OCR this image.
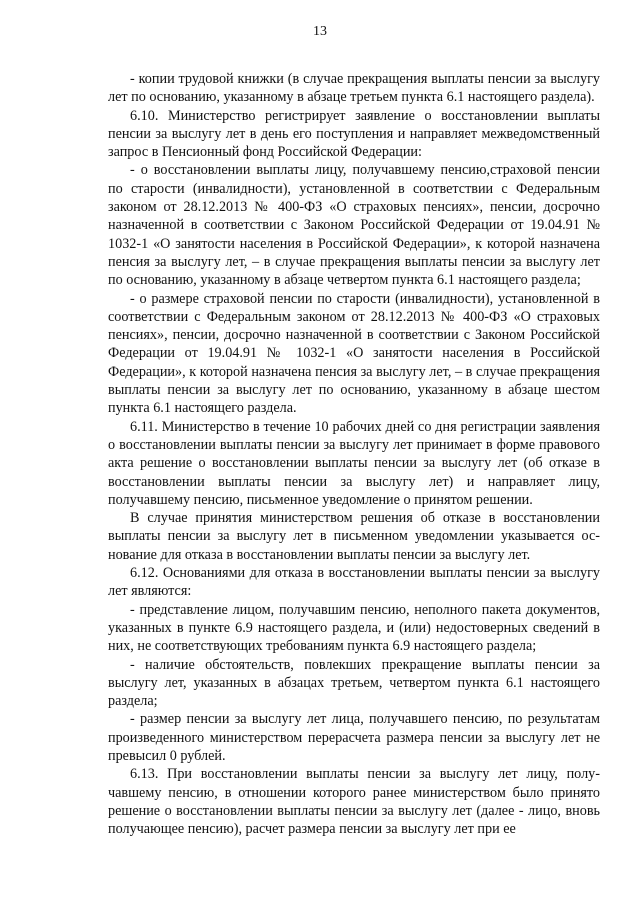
13

- копии трудовой книжки (в случае прекращения выплаты пенсии за выслугу лет по основанию, указанному в абзаце третьем пункта 6.1 настоящего раздела).

6.10. Министерство регистрирует заявление о восстановлении выплаты пенсии за выслугу лет в день его поступления и направляет межведомственный запрос в Пенсионный фонд Российской Федерации:

- о восстановлении выплаты лицу, получавшему пенсию,страховой пенсии по старости (инвалидности), установленной в соответствии с Федеральным законом от 28.12.2013 № 400-ФЗ «О страховых пенсиях», пенсии, досрочно назначенной в соответствии с Законом Российской Федерации от 19.04.91 № 1032-1 «О занятости населения в Российской Федерации», к которой назначена пенсия за выслугу лет, – в случае прекращения выплаты пенсии за выслугу лет по основанию, указанному в абзаце четвертом пункта 6.1 настоящего раздела;

- о размере страховой пенсии по старости (инвалидности), установленной в соответствии с Федеральным законом от 28.12.2013 № 400-ФЗ «О страховых пенсиях», пенсии, досрочно назначенной в соответствии с Законом Российской Федерации от 19.04.91 № 1032-1 «О занятости населения в Российской Федерации», к которой назначена пенсия за выслугу лет, – в случае прекращения выплаты пенсии за выслугу лет по основанию, указанному в абзаце шестом пункта 6.1 настоящего раздела.

6.11. Министерство в течение 10 рабочих дней со дня регистрации заявления о восстановлении выплаты пенсии за выслугу лет принимает в форме правового акта решение о восстановлении выплаты пенсии за выслугу лет (об отказе в восстановлении выплаты пенсии за выслугу лет) и направляет лицу, получавшему пенсию, письменное уведомление о принятом решении.

В случае принятия министерством решения об отказе в восстановлении выплаты пенсии за выслугу лет в письменном уведомлении указывается основание для отказа в восстановлении выплаты пенсии за выслугу лет.

6.12. Основаниями для отказа в восстановлении выплаты пенсии за выслугу лет являются:

- представление лицом, получавшим пенсию, неполного пакета документов, указанных в пункте 6.9 настоящего раздела, и (или) недостоверных сведений в них, не соответствующих требованиям пункта 6.9 настоящего раздела;

- наличие обстоятельств, повлекших прекращение выплаты пенсии за выслугу лет, указанных в абзацах третьем, четвертом пункта 6.1 настоящего раздела;

- размер пенсии за выслугу лет лица, получавшего пенсию, по результатам произведенного министерством перерасчета размера пенсии за выслугу лет не превысил 0 рублей.

6.13. При восстановлении выплаты пенсии за выслугу лет лицу, получавшему пенсию, в отношении которого ранее министерством было принято решение о восстановлении выплаты пенсии за выслугу лет (далее - лицо, вновь получающее пенсию), расчет размера пенсии за выслугу лет при ее
